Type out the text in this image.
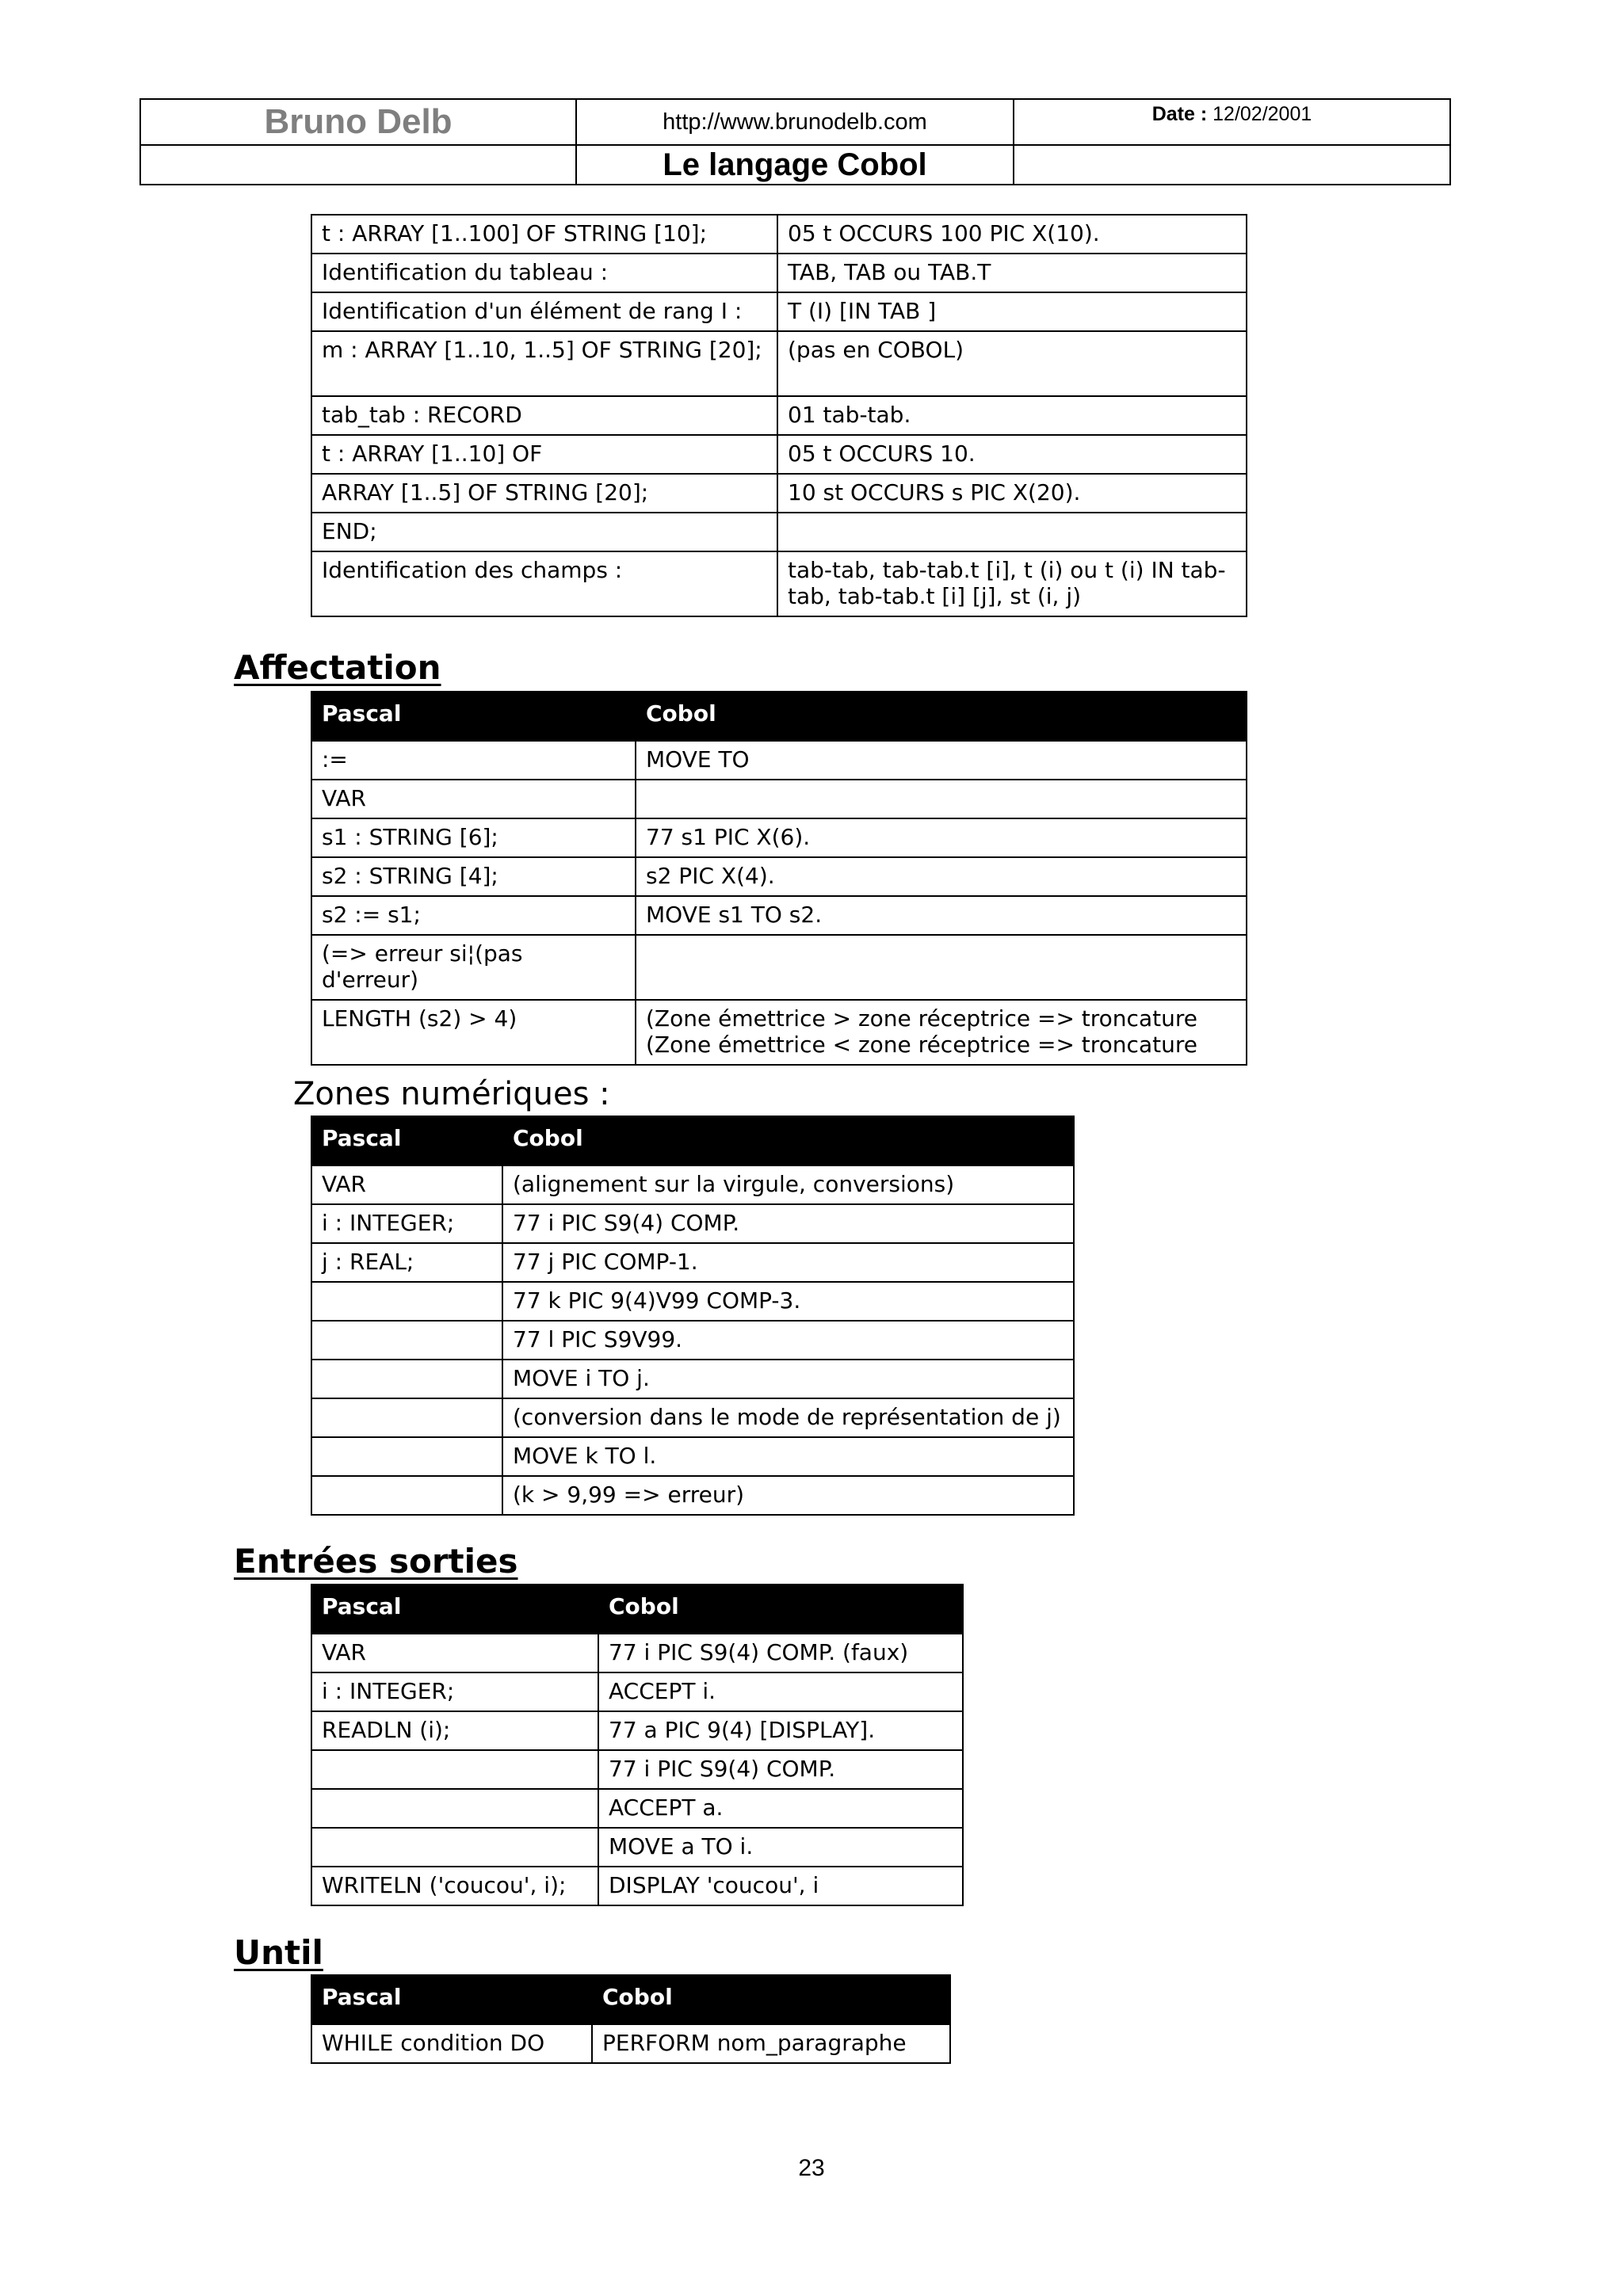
Bruno Delb	http://www.brunodelb.com	Date : 12/02/2001
	Le langage Cobol	
t : ARRAY [1..100] OF STRING [10];	05 t OCCURS 100 PIC X(10).
Identification du tableau :	TAB, TAB ou TAB.T
Identification d'un élément de rang I :	T (I) [IN TAB ]
m : ARRAY [1..10, 1..5] OF STRING [20];	(pas en COBOL)
tab_tab : RECORD	01 tab-tab.
t : ARRAY [1..10] OF	05 t OCCURS 10.
ARRAY [1..5] OF STRING [20];	10 st OCCURS s PIC X(20).
END;	
Identification des champs :	tab-tab, tab-tab.t [i], t (i) ou t (i) IN tab-tab, tab-tab.t [i] [j], st (i, j)
Affectation
Pascal	Cobol
:=	MOVE TO
VAR	
s1 : STRING [6];	77 s1 PIC X(6).
s2 : STRING [4];	s2 PIC X(4).
s2 := s1;	MOVE s1 TO s2.
(=> erreur si¦(pas d'erreur)	
LENGTH (s2) > 4)	(Zone émettrice > zone réceptrice => troncature
(Zone émettrice < zone réceptrice => troncature
Zones numériques :
Pascal	Cobol
VAR	(alignement sur la virgule, conversions)
i : INTEGER;	77 i PIC S9(4) COMP.
j : REAL;	77 j PIC COMP-1.
	77 k PIC 9(4)V99 COMP-3.
	77 l PIC S9V99.
	MOVE i TO j.
	(conversion dans le mode de représentation de j)
	MOVE k TO l.
	(k > 9,99 => erreur)
Entrées sorties
Pascal	Cobol
VAR	77 i PIC S9(4) COMP. (faux)
i : INTEGER;	ACCEPT i.
READLN (i);	77 a PIC 9(4) [DISPLAY].
	77 i PIC S9(4) COMP.
	ACCEPT a.
	MOVE a TO i.
WRITELN ('coucou', i);	DISPLAY 'coucou', i
Until
Pascal	Cobol
WHILE condition DO	PERFORM nom_paragraphe
23
